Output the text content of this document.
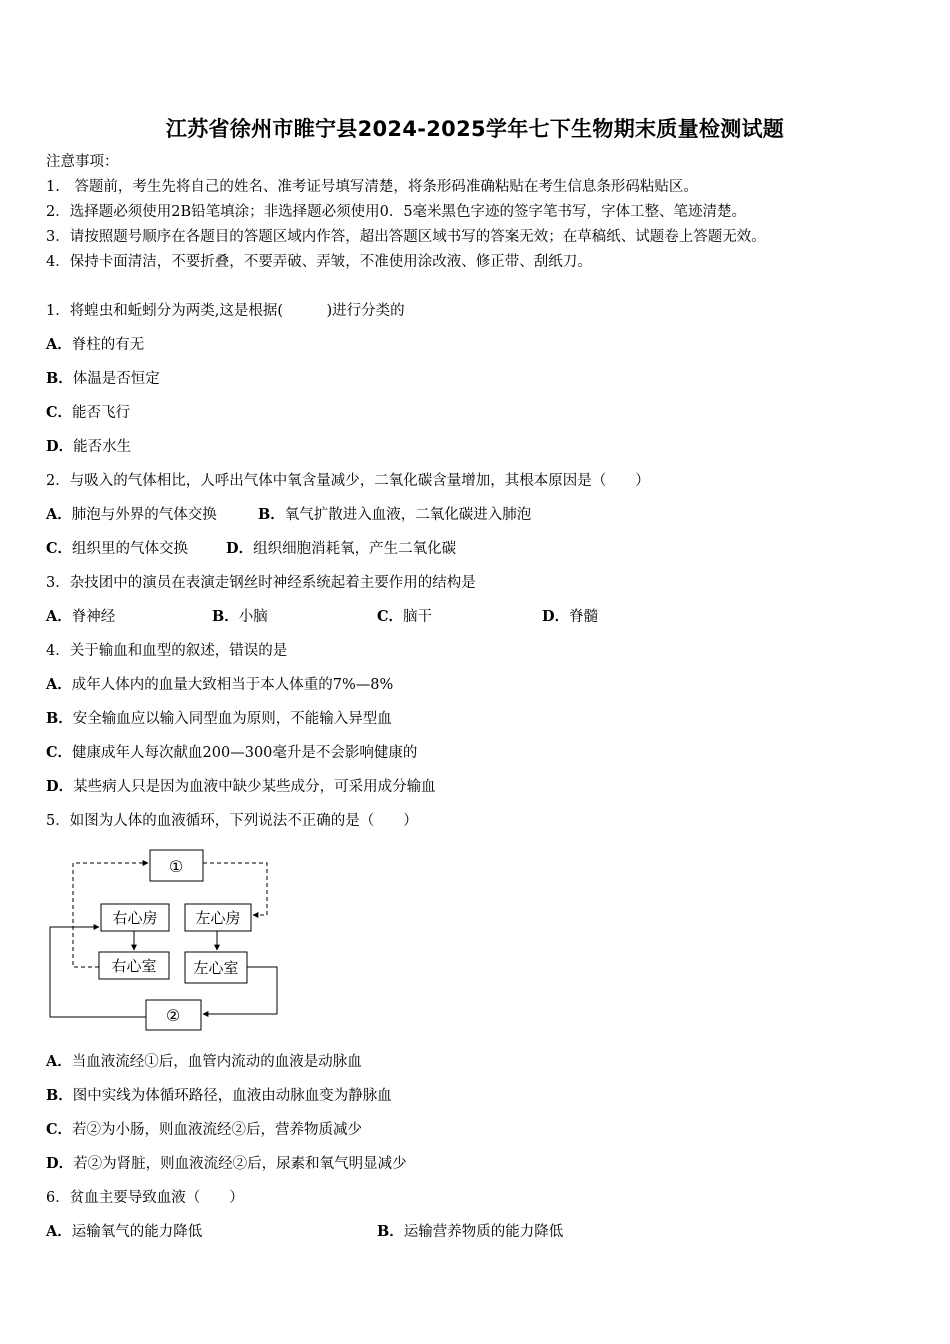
江苏省徐州市睢宁县2024-2025学年七下生物期末质量检测试题
注意事项：
1.　答题前，考生先将自己的姓名、准考证号填写清楚，将条形码准确粘贴在考生信息条形码粘贴区。
2．选择题必须使用2B铅笔填涂；非选择题必须使用0．5毫米黑色字迹的签字笔书写，字体工整、笔迹清楚。
3．请按照题号顺序在各题目的答题区域内作答，超出答题区域书写的答案无效；在草稿纸、试题卷上答题无效。
4．保持卡面清洁，不要折叠，不要弄破、弄皱，不准使用涂改液、修正带、刮纸刀。
1．将蝗虫和蚯蚓分为两类,这是根据(　　　)进行分类的
A．脊柱的有无
B．体温是否恒定
C．能否飞行
D．能否水生
2．与吸入的气体相比，人呼出气体中氧含量减少，二氧化碳含量增加，其根本原因是（　　）
A．肺泡与外界的气体交换	B．氧气扩散进入血液，二氧化碳进入肺泡
C．组织里的气体交换	D．组织细胞消耗氧，产生二氧化碳
3．杂技团中的演员在表演走钢丝时神经系统起着主要作用的结构是
A．脊神经	B．小脑	C．脑干	D．脊髓
4．关于输血和血型的叙述，错误的是
A．成年人体内的血量大致相当于本人体重的7%—8%
B．安全输血应以输入同型血为原则，不能输入异型血
C．健康成年人每次献血200—300毫升是不会影响健康的
D．某些病人只是因为血液中缺少某些成分，可采用成分输血
5．如图为人体的血液循环，下列说法不正确的是（　　）
①
右心房	左心房
右心室 左心室
②
A．当血液流经①后，血管内流动的血液是动脉血
B．图中实线为体循环路径，血液由动脉血变为静脉血
C．若②为小肠，则血液流经②后，营养物质减少
D．若②为肾脏，则血液流经②后，尿素和氧气明显减少
6．贫血主要导致血液（　　）
A．运输氧气的能力降低	B．运输营养物质的能力降低
